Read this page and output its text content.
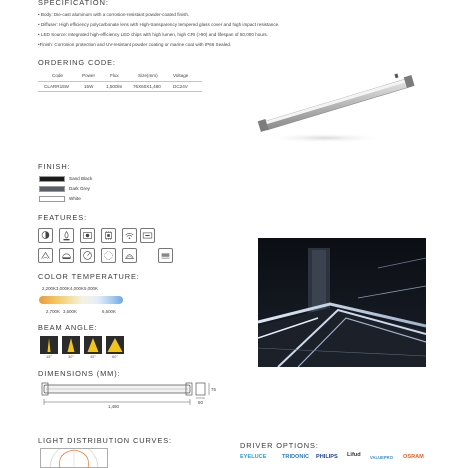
SPECIFICATION:
• Body: Die-cast aluminum with a corrosion-resistant powder-coated finish.
• Diffuser: High efficiency polycarbonate lens with High-transparency tempered glass cover and high impact resistance.
• LED Source: Integrated high-efficiency LED chips with high lumen, high CRI (>90) and lifespan of 50,000 hours.
•Finish: Corrosion protection and UV-resistant powder coating or marine coat with IP66 Sealed.
ORDERING CODE:
Code	Power	Flux	Size(mm)	Voltage
CLARR15W	15W	1,500lm 76X60X1,480	DC24V
FINISH:
Sand Black
Dark Grey
White
FEATURES:
COLOR TEMPERATURE:
2,200K 3,000K 4,000K 5,000K
2,700K 3,500K	6,500K
BEAM ANGLE:
15°	30°	45°	60°
DIMENSIONS (MM):
1,480
76
60
LIGHT DISTRIBUTION CURVES:
DRIVER OPTIONS:
EYELUCE	TRIDONIC PHILIPS Lifud VALUEPRO OSRAM
